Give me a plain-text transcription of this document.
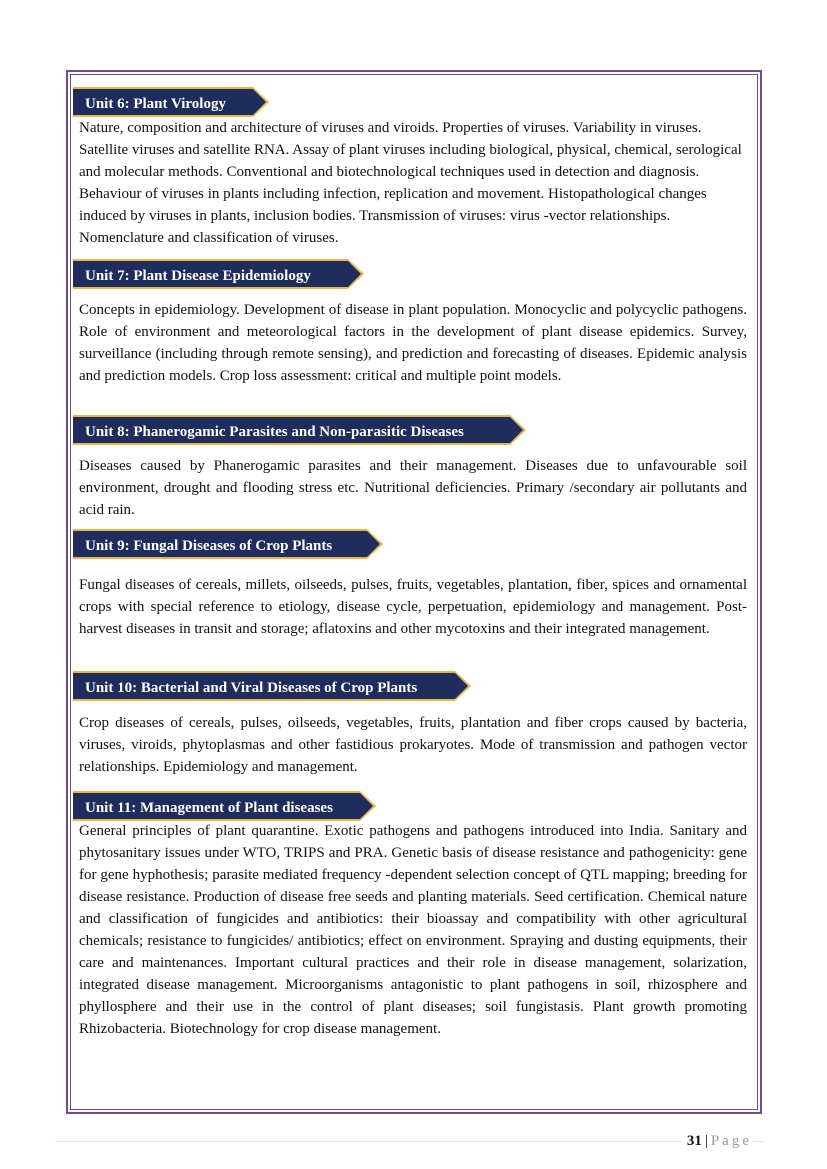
Unit 6: Plant Virology

Nature, composition and architecture of viruses and viroids. Properties of viruses. Variability in viruses. Satellite viruses and satellite RNA. Assay of plant viruses including biological, physical, chemical, serological and molecular methods. Conventional and biotechnological techniques used in detection and diagnosis. Behaviour of viruses in plants including infection, replication and movement. Histopathological changes induced by viruses in plants, inclusion bodies. Transmission of viruses: virus -vector relationships. Nomenclature and classification of viruses.

Unit 7: Plant Disease Epidemiology

Concepts in epidemiology. Development of disease in plant population. Monocyclic and polycyclic pathogens. Role of environment and meteorological factors in the development of plant disease epidemics. Survey, surveillance (including through remote sensing), and prediction and forecasting of diseases. Epidemic analysis and prediction models. Crop loss assessment: critical and multiple point models.

Unit 8: Phanerogamic Parasites and Non-parasitic Diseases

Diseases caused by Phanerogamic parasites and their management. Diseases due to unfavourable soil environment, drought and flooding stress etc. Nutritional deficiencies. Primary /secondary air pollutants and acid rain.

Unit 9: Fungal Diseases of Crop Plants

Fungal diseases of cereals, millets, oilseeds, pulses, fruits, vegetables, plantation, fiber, spices and ornamental crops with special reference to etiology, disease cycle, perpetuation, epidemiology and management. Post-harvest diseases in transit and storage; aflatoxins and other mycotoxins and their integrated management.

Unit 10: Bacterial and Viral Diseases of Crop Plants

Crop diseases of cereals, pulses, oilseeds, vegetables, fruits, plantation and fiber crops caused by bacteria, viruses, viroids, phytoplasmas and other fastidious prokaryotes. Mode of transmission and pathogen vector relationships. Epidemiology and management.

Unit 11: Management of Plant diseases

General principles of plant quarantine. Exotic pathogens and pathogens introduced into India. Sanitary and phytosanitary issues under WTO, TRIPS and PRA. Genetic basis of disease resistance and pathogenicity: gene for gene hyphothesis; parasite mediated frequency -dependent selection concept of QTL mapping; breeding for disease resistance. Production of disease free seeds and planting materials. Seed certification. Chemical nature and classification of fungicides and antibiotics: their bioassay and compatibility with other agricultural chemicals; resistance to fungicides/ antibiotics; effect on environment. Spraying and dusting equipments, their care and maintenances. Important cultural practices and their role in disease management, solarization, integrated disease management. Microorganisms antagonistic to plant pathogens in soil, rhizosphere and phyllosphere and their use in the control of plant diseases; soil fungistasis. Plant growth promoting Rhizobacteria. Biotechnology for crop disease management.

31 | Page
